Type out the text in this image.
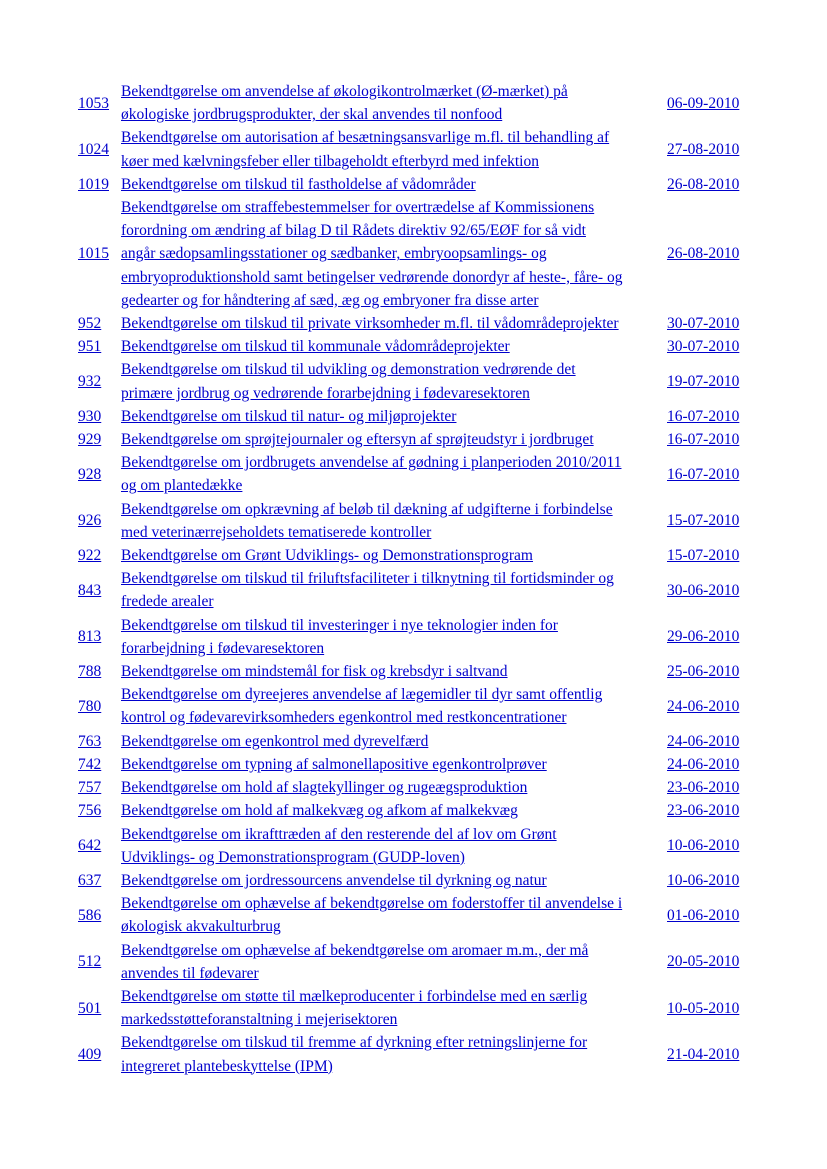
1053	Bekendtgørelse om anvendelse af økologikontrolmærket (Ø-mærket) på
økologiske jordbrugsprodukter, der skal anvendes til nonfood	06-09-2010
1024	Bekendtgørelse om autorisation af besætningsansvarlige m.fl. til behandling af
køer med kælvningsfeber eller tilbageholdt efterbyrd med infektion	27-08-2010
1019	Bekendtgørelse om tilskud til fastholdelse af vådområder	26-08-2010
1015	Bekendtgørelse om straffebestemmelser for overtrædelse af Kommissionens
forordning om ændring af bilag D til Rådets direktiv 92/65/EØF for så vidt
angår sædopsamlingsstationer og sædbanker, embryoopsamlings- og
embryoproduktionshold samt betingelser vedrørende donordyr af heste-, fåre- og
gedearter og for håndtering af sæd, æg og embryoner fra disse arter	26-08-2010
952	Bekendtgørelse om tilskud til private virksomheder m.fl. til vådområdeprojekter	30-07-2010
951	Bekendtgørelse om tilskud til kommunale vådområdeprojekter	30-07-2010
932	Bekendtgørelse om tilskud til udvikling og demonstration vedrørende det
primære jordbrug og vedrørende forarbejdning i fødevaresektoren	19-07-2010
930	Bekendtgørelse om tilskud til natur- og miljøprojekter	16-07-2010
929	Bekendtgørelse om sprøjtejournaler og eftersyn af sprøjteudstyr i jordbruget	16-07-2010
928	Bekendtgørelse om jordbrugets anvendelse af gødning i planperioden 2010/2011
og om plantedække	16-07-2010
926	Bekendtgørelse om opkrævning af beløb til dækning af udgifterne i forbindelse
med veterinærrejseholdets tematiserede kontroller	15-07-2010
922	Bekendtgørelse om Grønt Udviklings- og Demonstrationsprogram	15-07-2010
843	Bekendtgørelse om tilskud til friluftsfaciliteter i tilknytning til fortidsminder og
fredede arealer	30-06-2010
813	Bekendtgørelse om tilskud til investeringer i nye teknologier inden for
forarbejdning i fødevaresektoren	29-06-2010
788	Bekendtgørelse om mindstemål for fisk og krebsdyr i saltvand	25-06-2010
780	Bekendtgørelse om dyreejeres anvendelse af lægemidler til dyr samt offentlig
kontrol og fødevarevirksomheders egenkontrol med restkoncentrationer	24-06-2010
763	Bekendtgørelse om egenkontrol med dyrevelfærd	24-06-2010
742	Bekendtgørelse om typning af salmonellapositive egenkontrolprøver	24-06-2010
757	Bekendtgørelse om hold af slagtekyllinger og rugeægsproduktion	23-06-2010
756	Bekendtgørelse om hold af malkekvæg og afkom af malkekvæg	23-06-2010
642	Bekendtgørelse om ikrafttræden af den resterende del af lov om Grønt
Udviklings- og Demonstrationsprogram (GUDP-loven)	10-06-2010
637	Bekendtgørelse om jordressourcens anvendelse til dyrkning og natur	10-06-2010
586	Bekendtgørelse om ophævelse af bekendtgørelse om foderstoffer til anvendelse i
økologisk akvakulturbrug	01-06-2010
512	Bekendtgørelse om ophævelse af bekendtgørelse om aromaer m.m., der må
anvendes til fødevarer	20-05-2010
501	Bekendtgørelse om støtte til mælkeproducenter i forbindelse med en særlig
markedsstøtteforanstaltning i mejerisektoren	10-05-2010
409	Bekendtgørelse om tilskud til fremme af dyrkning efter retningslinjerne for
integreret plantebeskyttelse (IPM)	21-04-2010
